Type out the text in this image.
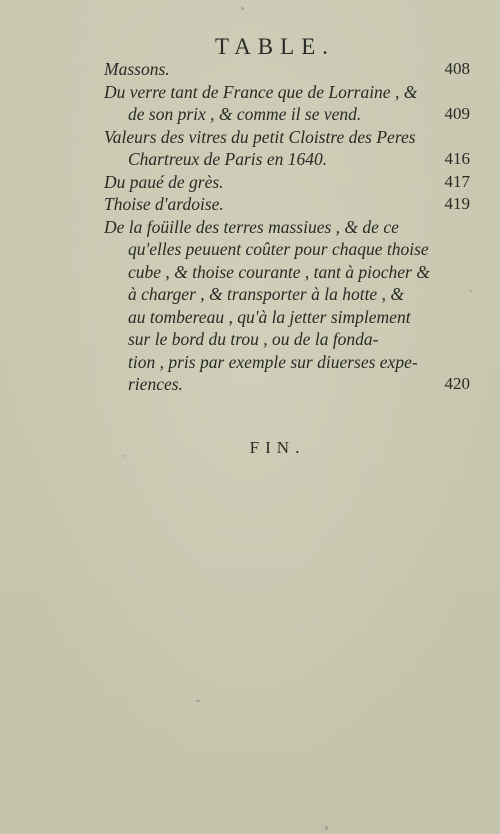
TABLE.
Massons.	408
Du verre tant de France que de Lorraine , &
de son prix , & comme il se vend.	409
Valeurs des vitres du petit Cloistre des Peres
Chartreux de Paris en 1640.	416
Du paué de grès.	417
Thoise d'ardoise.	419
De la foüille des terres massiues , & de ce
qu'elles peuuent coûter pour chaque thoise
cube , & thoise courante , tant à piocher &
à charger , & transporter à la hotte , &
au tombereau , qu'à la jetter simplement
sur le bord du trou , ou de la fonda-
tion , pris par exemple sur diuerses expe-
riences.	420
FIN.
